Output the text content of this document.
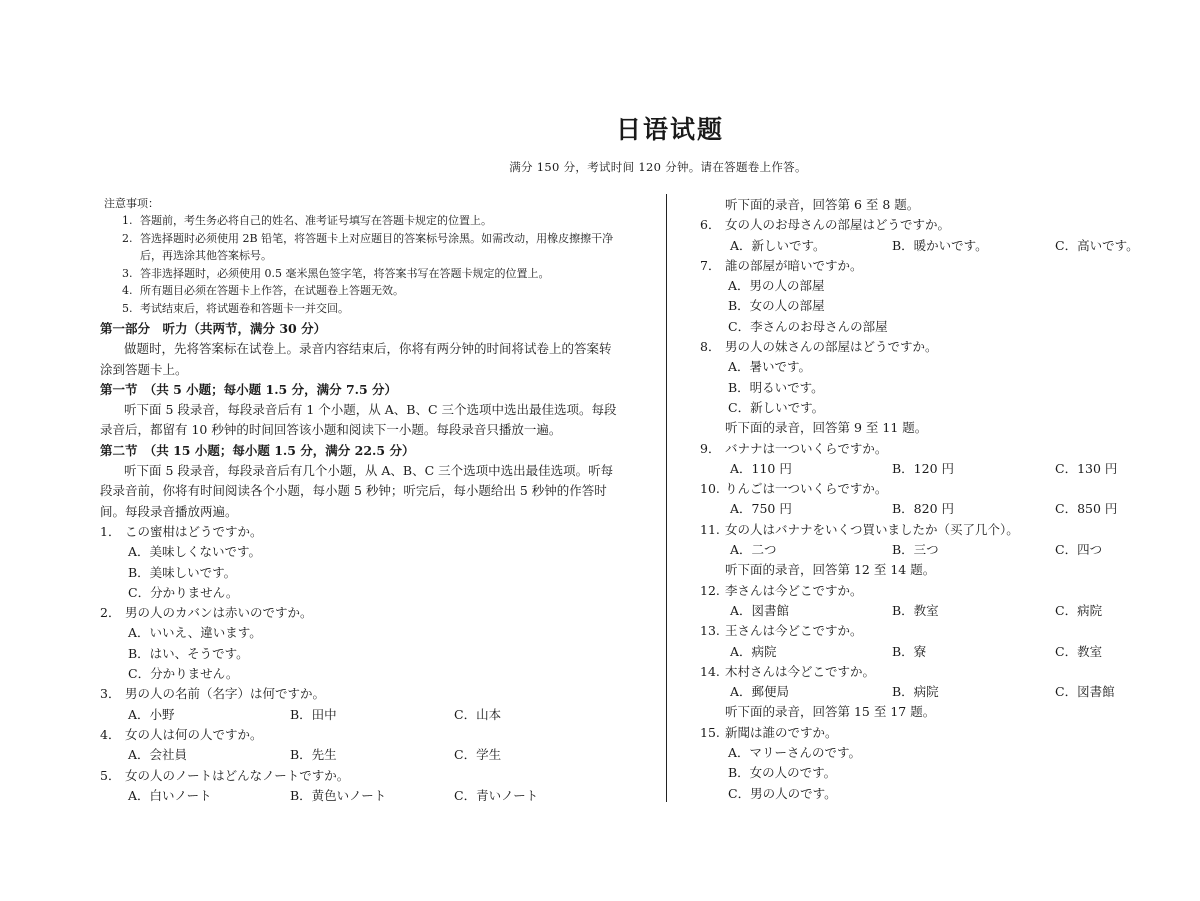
日语试题
满分 150 分，考试时间 120 分钟。请在答题卷上作答。
注意事项：
1. 答题前，考生务必将自己的姓名、准考证号填写在答题卡规定的位置上。
2. 答选择题时必须使用 2B 铅笔，将答题卡上对应题目的答案标号涂黑。如需改动，用橡皮擦擦干净后，再选涂其他答案标号。
3. 答非选择题时，必须使用 0.5 毫米黑色签字笔，将答案书写在答题卡规定的位置上。
4. 所有题目必须在答题卡上作答，在试题卷上答题无效。
5. 考试结束后，将试题卷和答题卡一并交回。
第一部分　听力（共两节，满分 30 分）
做题时，先将答案标在试卷上。录音内容结束后，你将有两分钟的时间将试卷上的答案转涂到答题卡上。
第一节　（共 5 小题；每小题 1.5 分，满分 7.5 分）
听下面 5 段录音，每段录音后有 1 个小题，从 A、B、C 三个选项中选出最佳选项。每段录音后，都留有 10 秒钟的时间回答该小题和阅读下一小题。每段录音只播放一遍。
第二节　（共 15 小题；每小题 1.5 分，满分 22.5 分）
听下面 5 段录音，每段录音后有几个小题，从 A、B、C 三个选项中选出最佳选项。听每段录音前，你将有时间阅读各个小题，每小题 5 秒钟；听完后，每小题给出 5 秒钟的作答时间。每段录音播放两遍。
1． この蜜柑はどうですか。
A．美味しくないです。
B．美味しいです。
C．分かりません。
2． 男の人のカバンは赤いのですか。
A．いいえ、違います。
B．はい、そうです。
C．分かりません。
3． 男の人の名前（名字）は何ですか。
A．小野	B．田中	C．山本
4． 女の人は何の人ですか。
A．会社員	B．先生	C．学生
5． 女の人のノートはどんなノートですか。
A．白いノート	B．黄色いノート	C．青いノート
听下面的录音，回答第 6 至 8 题。
6． 女の人のお母さんの部屋はどうですか。
A．新しいです。	B．暖かいです。	C．高いです。
7． 誰の部屋が暗いですか。
A．男の人の部屋
B．女の人の部屋
C．李さんのお母さんの部屋
8． 男の人の妹さんの部屋はどうですか。
A．暑いです。
B．明るいです。
C．新しいです。
听下面的录音，回答第 9 至 11 题。
9． バナナは一ついくらですか。
A．110 円	B．120 円	C．130 円
10. りんごは一ついくらですか。
A．750 円	B．820 円	C．850 円
11. 女の人はバナナをいくつ買いましたか（买了几个）。
A．二つ	B．三つ	C．四つ
听下面的录音，回答第 12 至 14 题。
12. 李さんは今どこですか。
A．図書館	B．教室	C．病院
13. 王さんは今どこですか。
A．病院	B．寮	C．教室
14. 木村さんは今どこですか。
A．郵便局	B．病院	C．図書館
听下面的录音，回答第 15 至 17 题。
15. 新聞は誰のですか。
A．マリーさんのです。
B．女の人のです。
C．男の人のです。
